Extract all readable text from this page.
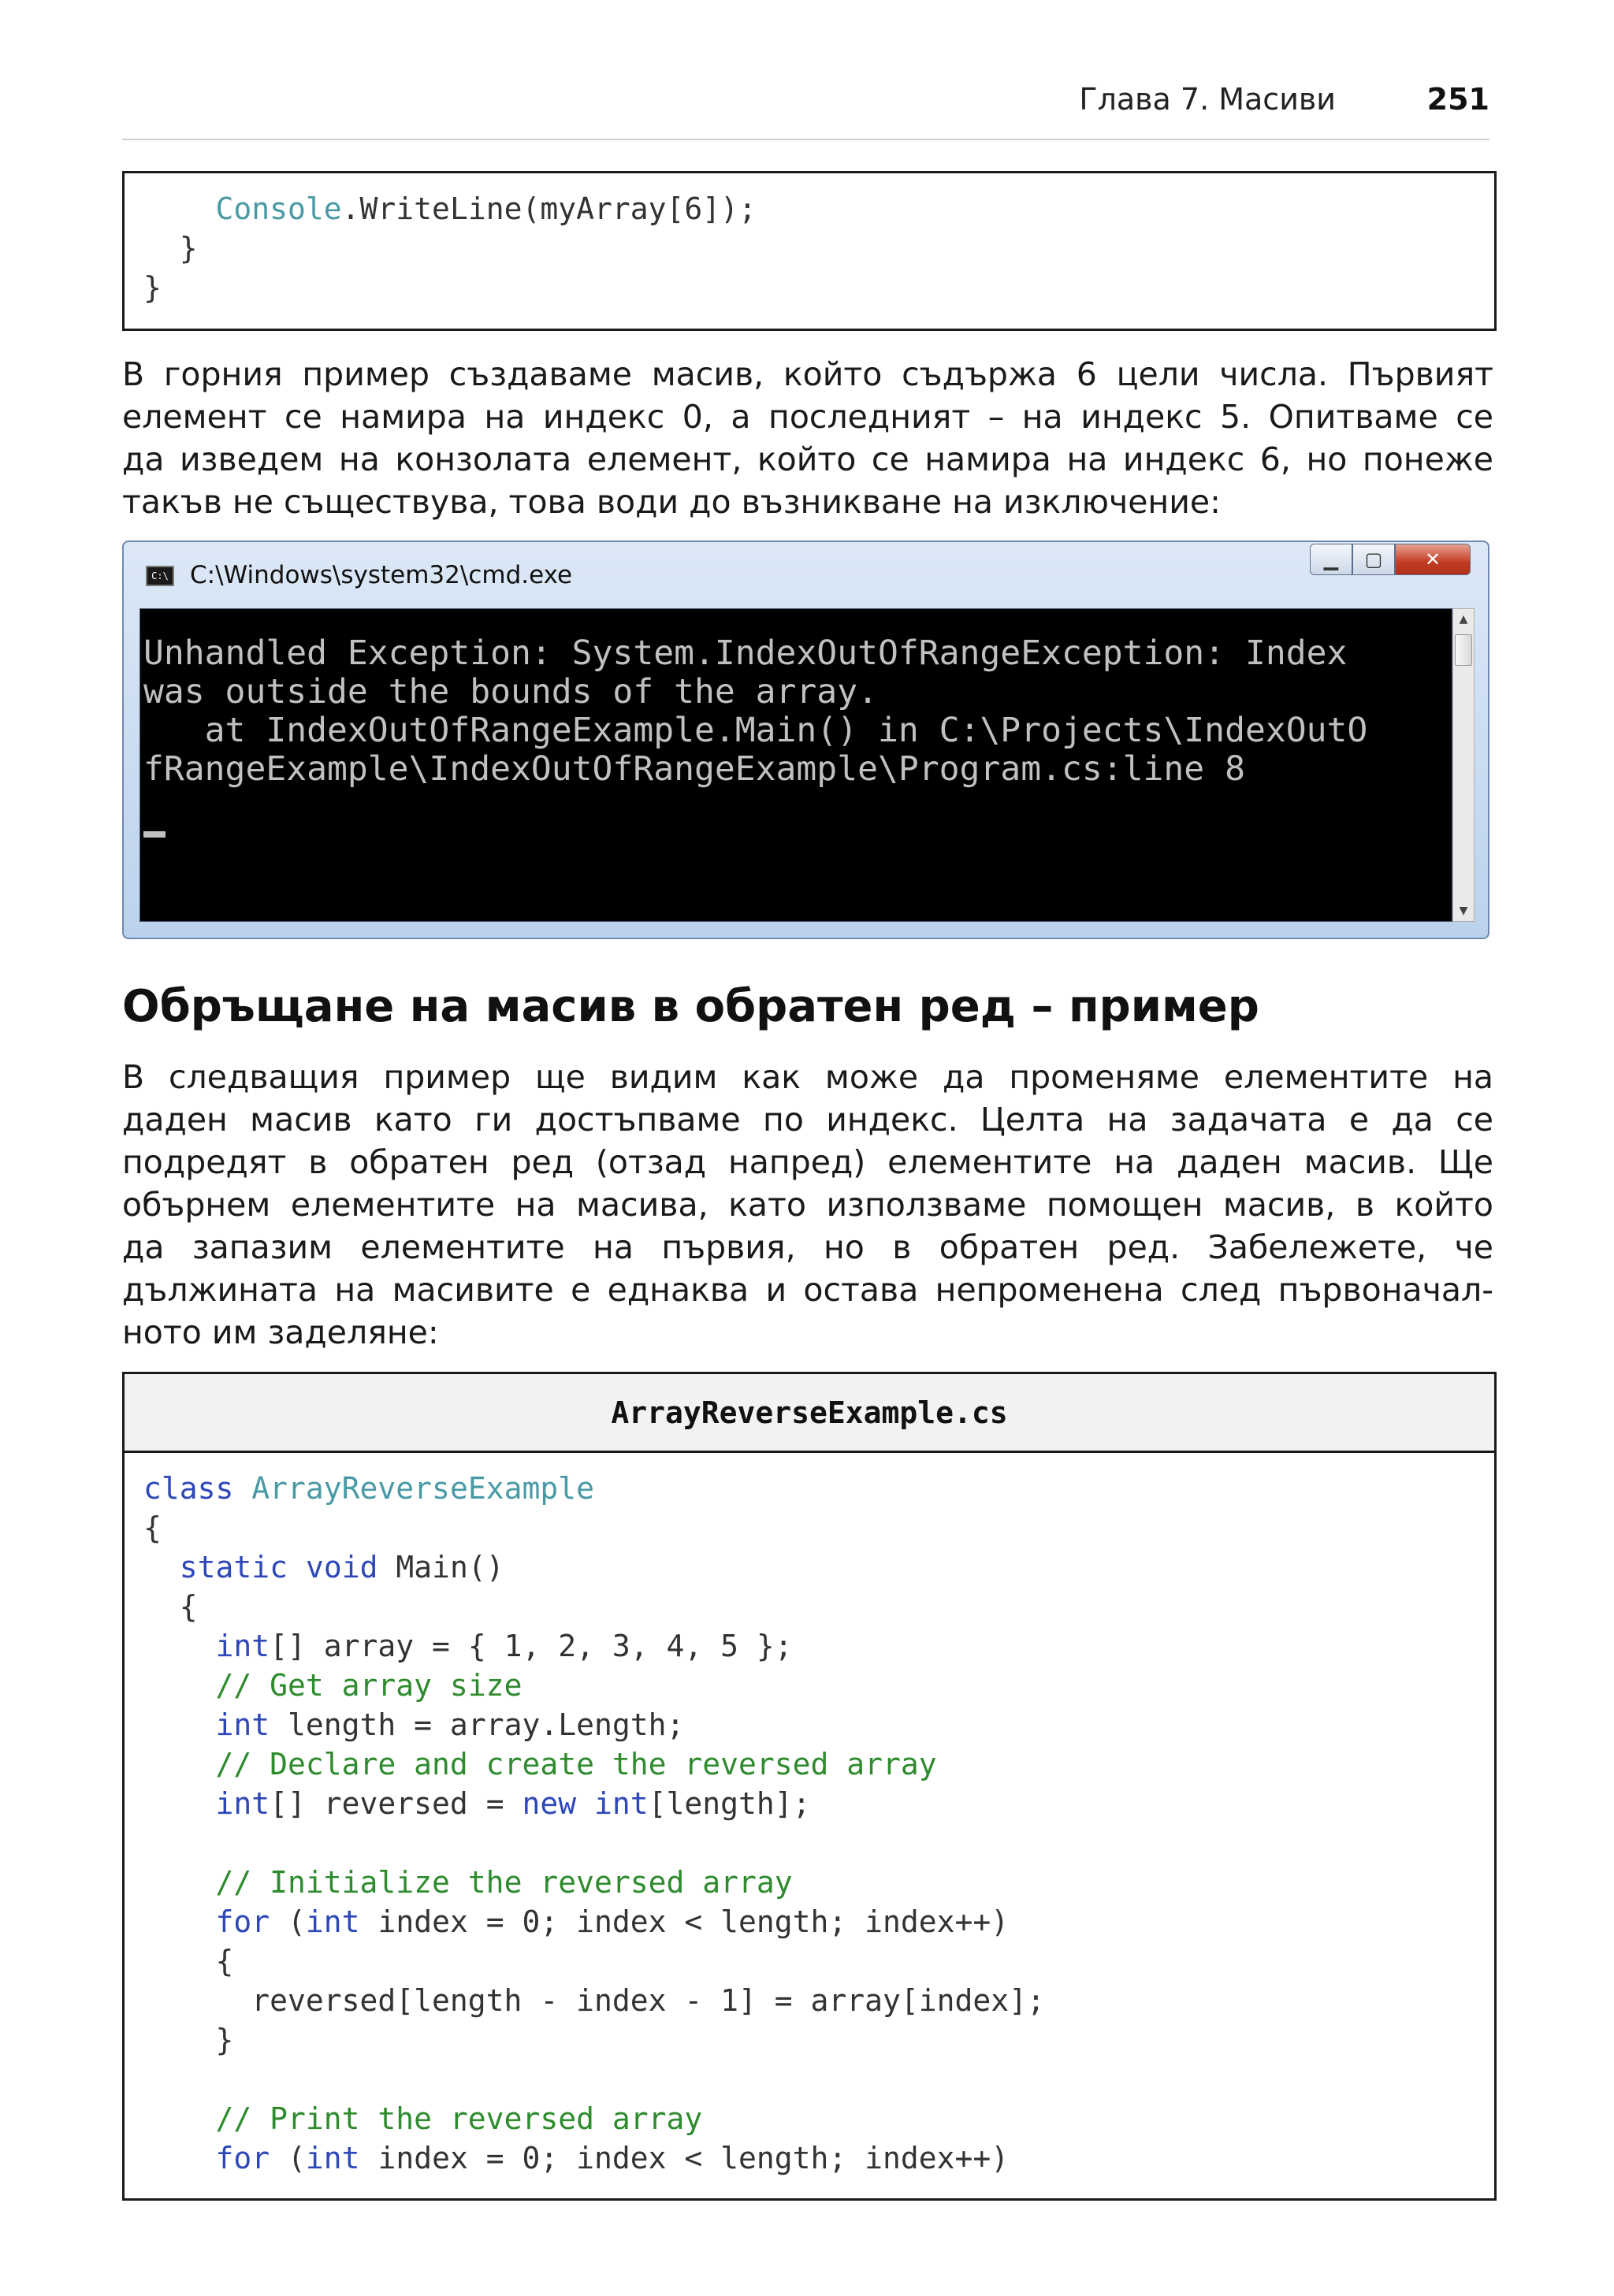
Глава 7. Масиви	251
Console.WriteLine(myArray[6]);
}
}
В горния пример създаваме масив, който съдържа 6 цели числа. Първият
елемент се намира на индекс 0, а последният – на индекс 5. Опитваме се
да изведем на конзолата елемент, който се намира на индекс 6, но понеже
такъв не съществува, това води до възникване на изключение:
C:\ C:\Windows\system32\cmd.exe
▁	▢	✕
Unhandled Exception: System.IndexOutOfRangeException: Index
was outside the bounds of the array.
at IndexOutOfRangeExample.Main() in C:\Projects\IndexOutO
fRangeExample\IndexOutOfRangeExample\Program.cs:line 8
▲
▼
Обръщане на масив в обратен ред – пример
В следващия пример ще видим как може да променяме елементите на
даден масив като ги достъпваме по индекс. Целта на задачата е да се
подредят в обратен ред (отзад напред) елементите на даден масив. Ще
обърнем елементите на масива, като използваме помощен масив, в който
да запазим елементите на първия, но в обратен ред. Забележете, че
дължината на масивите е еднаква и остава непроменена след първоначал-
ното им заделяне:
ArrayReverseExample.cs
class ArrayReverseExample
{
static void Main()
{
int[] array = { 1, 2, 3, 4, 5 };
// Get array size
int length = array.Length;
// Declare and create the reversed array
int[] reversed = new int[length];
// Initialize the reversed array
for (int index = 0; index < length; index++)
{
reversed[length - index - 1] = array[index];
}
// Print the reversed array
for (int index = 0; index < length; index++)
